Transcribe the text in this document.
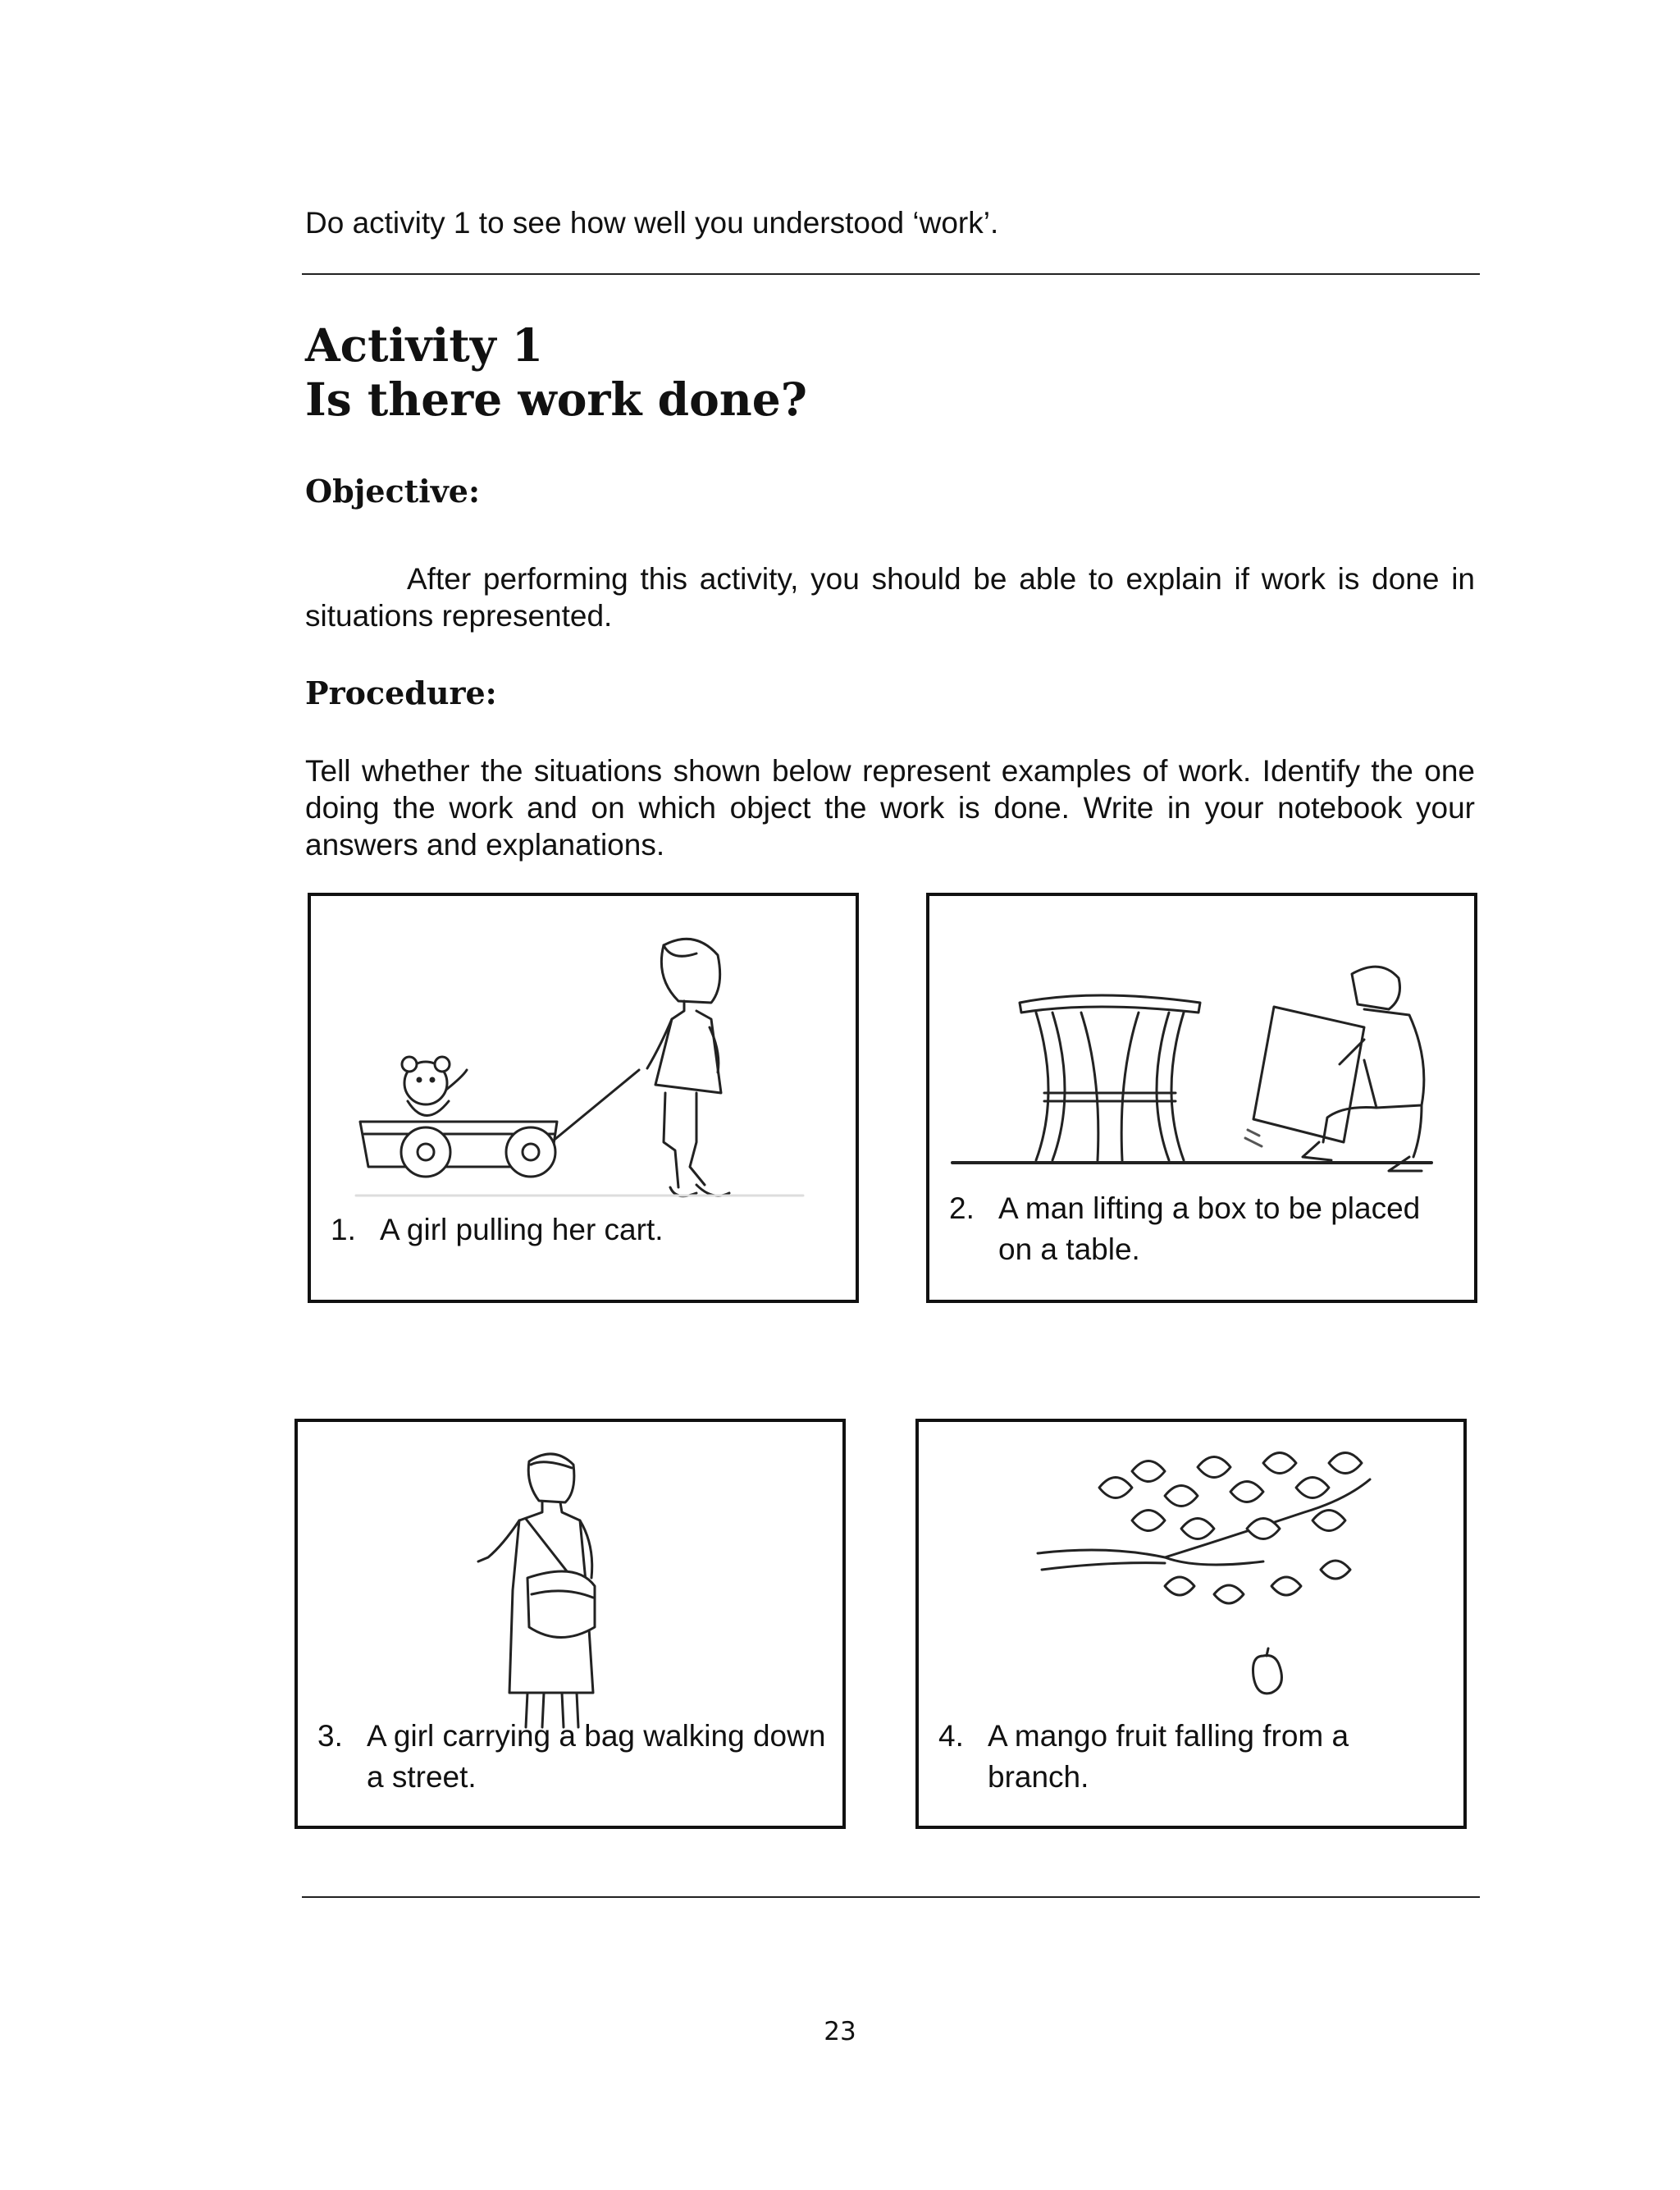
Do activity 1 to see how well you understood ‘work’.
Activity 1
Is there work done?
Objective:

After performing this activity, you should be able to explain if work is done in situations represented.

Procedure:

Tell whether the situations shown below represent examples of work. Identify the one doing the work and on which object the work is done. Write in your notebook your answers and explanations.

1. A girl pulling her cart.
2. A man lifting a box to be placed on a table.
3. A girl carrying a bag walking down a street.
4. A mango fruit falling from a branch.
23
